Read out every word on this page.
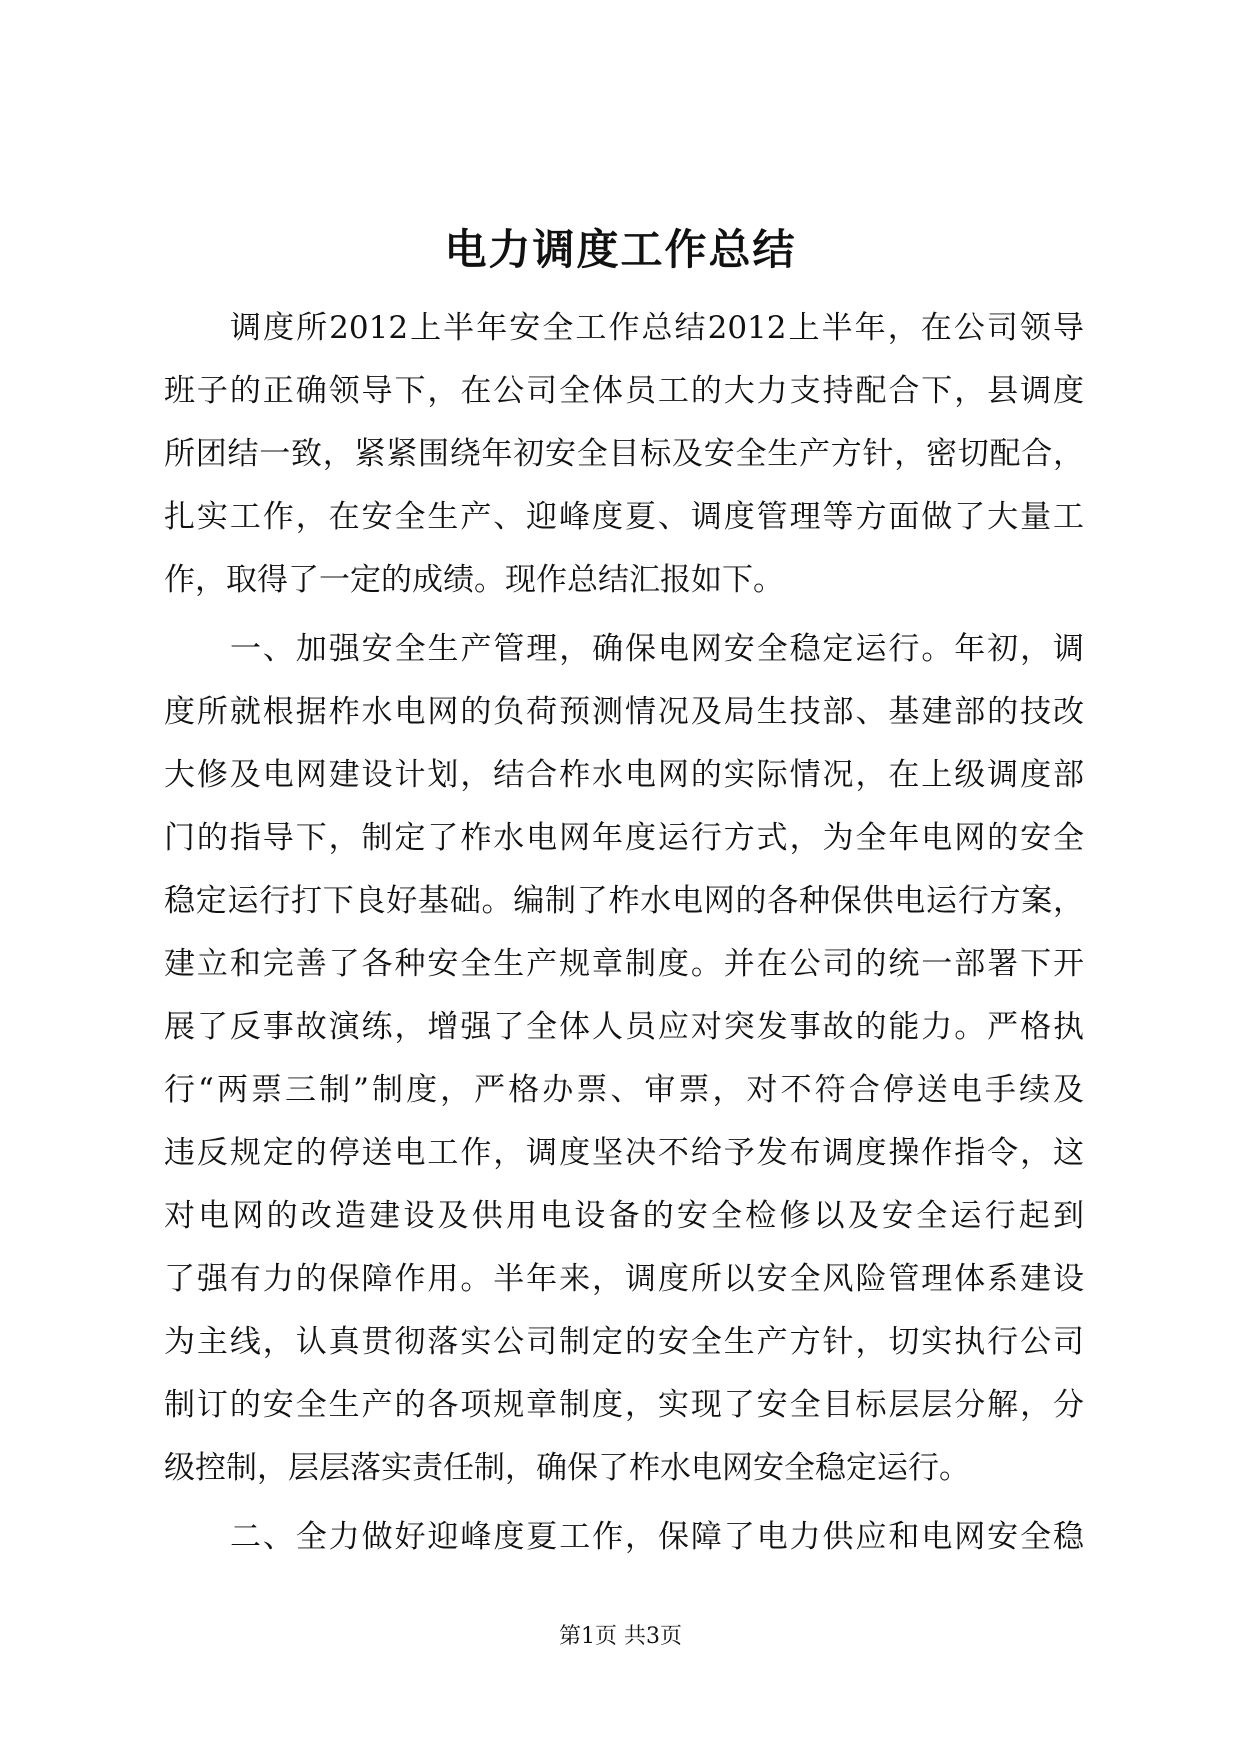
电力调度工作总结
调度所2012上半年安全工作总结2012上半年，在公司领导
班子的正确领导下，在公司全体员工的大力支持配合下，县调度
所团结一致，紧紧围绕年初安全目标及安全生产方针，密切配合，
扎实工作，在安全生产、迎峰度夏、调度管理等方面做了大量工
作，取得了一定的成绩。现作总结汇报如下。
一、加强安全生产管理，确保电网安全稳定运行。年初，调
度所就根据柞水电网的负荷预测情况及局生技部、基建部的技改
大修及电网建设计划，结合柞水电网的实际情况，在上级调度部
门的指导下，制定了柞水电网年度运行方式，为全年电网的安全
稳定运行打下良好基础。编制了柞水电网的各种保供电运行方案，
建立和完善了各种安全生产规章制度。并在公司的统一部署下开
展了反事故演练，增强了全体人员应对突发事故的能力。严格执
行“两票三制”制度，严格办票、审票，对不符合停送电手续及
违反规定的停送电工作，调度坚决不给予发布调度操作指令，这
对电网的改造建设及供用电设备的安全检修以及安全运行起到
了强有力的保障作用。半年来，调度所以安全风险管理体系建设
为主线，认真贯彻落实公司制定的安全生产方针，切实执行公司
制订的安全生产的各项规章制度，实现了安全目标层层分解，分
级控制，层层落实责任制，确保了柞水电网安全稳定运行。
二、全力做好迎峰度夏工作，保障了电力供应和电网安全稳
第1页 共3页
